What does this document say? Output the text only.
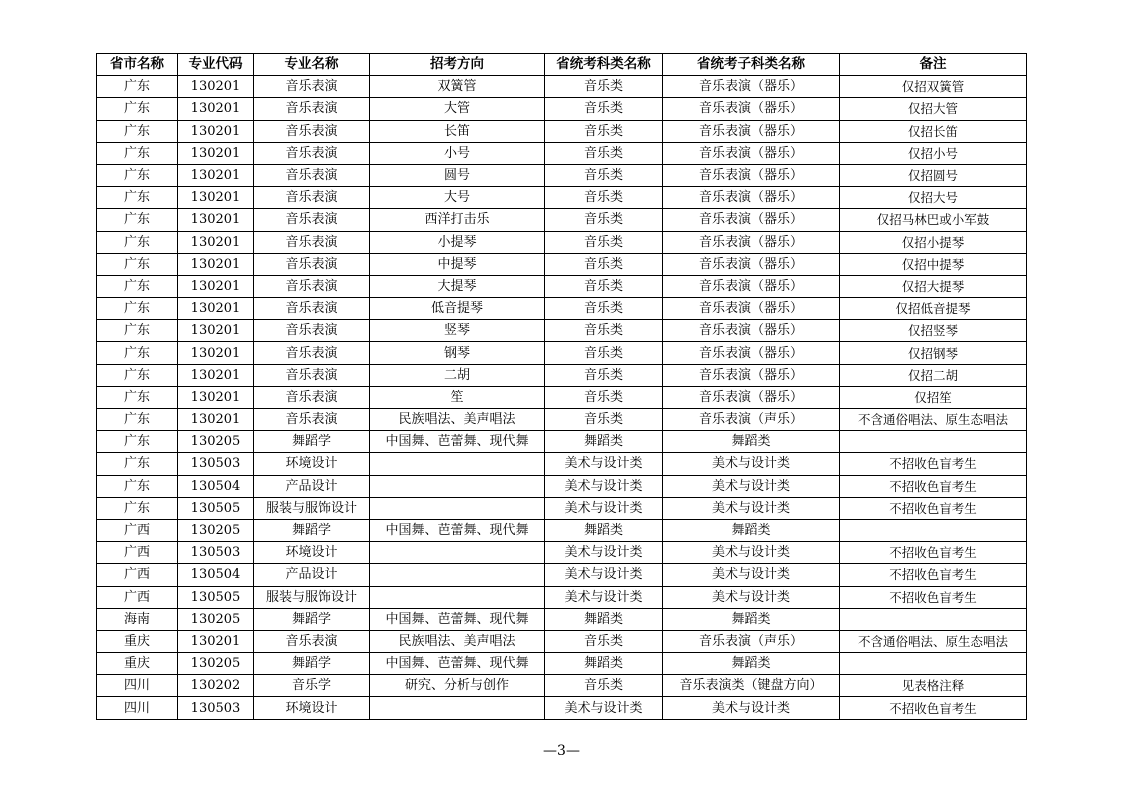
省市名称	专业代码	专业名称	招考方向	省统考科类名称	省统考子科类名称	备注
广东	130201	音乐表演	双簧管	音乐类	音乐表演（器乐）	仅招双簧管
广东	130201	音乐表演	大管	音乐类	音乐表演（器乐）	仅招大管
广东	130201	音乐表演	长笛	音乐类	音乐表演（器乐）	仅招长笛
广东	130201	音乐表演	小号	音乐类	音乐表演（器乐）	仅招小号
广东	130201	音乐表演	圆号	音乐类	音乐表演（器乐）	仅招圆号
广东	130201	音乐表演	大号	音乐类	音乐表演（器乐）	仅招大号
广东	130201	音乐表演	西洋打击乐	音乐类	音乐表演（器乐）	仅招马林巴或小军鼓
广东	130201	音乐表演	小提琴	音乐类	音乐表演（器乐）	仅招小提琴
广东	130201	音乐表演	中提琴	音乐类	音乐表演（器乐）	仅招中提琴
广东	130201	音乐表演	大提琴	音乐类	音乐表演（器乐）	仅招大提琴
广东	130201	音乐表演	低音提琴	音乐类	音乐表演（器乐）	仅招低音提琴
广东	130201	音乐表演	竖琴	音乐类	音乐表演（器乐）	仅招竖琴
广东	130201	音乐表演	钢琴	音乐类	音乐表演（器乐）	仅招钢琴
广东	130201	音乐表演	二胡	音乐类	音乐表演（器乐）	仅招二胡
广东	130201	音乐表演	笙	音乐类	音乐表演（器乐）	仅招笙
广东	130201	音乐表演	民族唱法、美声唱法	音乐类	音乐表演（声乐）	不含通俗唱法、原生态唱法
广东	130205	舞蹈学	中国舞、芭蕾舞、现代舞	舞蹈类	舞蹈类	
广东	130503	环境设计		美术与设计类	美术与设计类	不招收色盲考生
广东	130504	产品设计		美术与设计类	美术与设计类	不招收色盲考生
广东	130505	服装与服饰设计		美术与设计类	美术与设计类	不招收色盲考生
广西	130205	舞蹈学	中国舞、芭蕾舞、现代舞	舞蹈类	舞蹈类	
广西	130503	环境设计		美术与设计类	美术与设计类	不招收色盲考生
广西	130504	产品设计		美术与设计类	美术与设计类	不招收色盲考生
广西	130505	服装与服饰设计		美术与设计类	美术与设计类	不招收色盲考生
海南	130205	舞蹈学	中国舞、芭蕾舞、现代舞	舞蹈类	舞蹈类	
重庆	130201	音乐表演	民族唱法、美声唱法	音乐类	音乐表演（声乐）	不含通俗唱法、原生态唱法
重庆	130205	舞蹈学	中国舞、芭蕾舞、现代舞	舞蹈类	舞蹈类	
四川	130202	音乐学	研究、分析与创作	音乐类	音乐表演类（键盘方向）	见表格注释
四川	130503	环境设计		美术与设计类	美术与设计类	不招收色盲考生
—3—
